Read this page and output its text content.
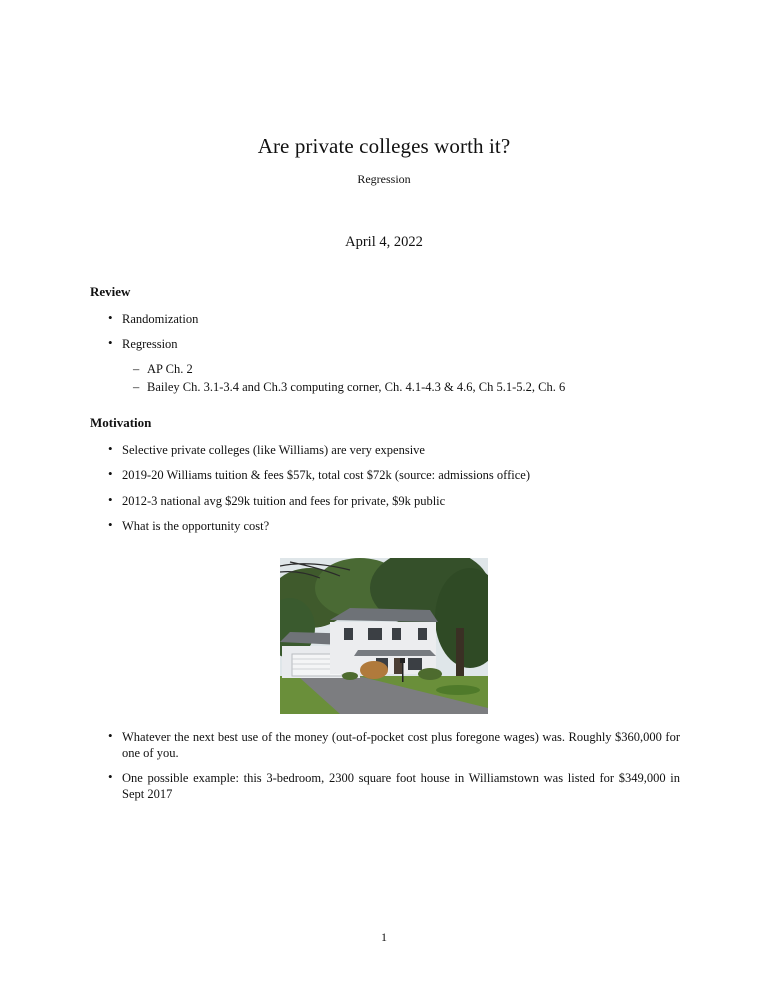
Are private colleges worth it?
Regression
April 4, 2022
Review
• Randomization
• Regression
– AP Ch. 2
– Bailey Ch. 3.1-3.4 and Ch.3 computing corner, Ch. 4.1-4.3 & 4.6, Ch 5.1-5.2, Ch. 6
Motivation
• Selective private colleges (like Williams) are very expensive
• 2019-20 Williams tuition & fees $57k, total cost $72k (source: admissions office)
• 2012-3 national avg $29k tuition and fees for private, $9k public
• What is the opportunity cost?
• Whatever the next best use of the money (out-of-pocket cost plus foregone wages) was. Roughly $360,000 for one of you.
• One possible example: this 3-bedroom, 2300 square foot house in Williamstown was listed for $349,000 in Sept 2017
1
